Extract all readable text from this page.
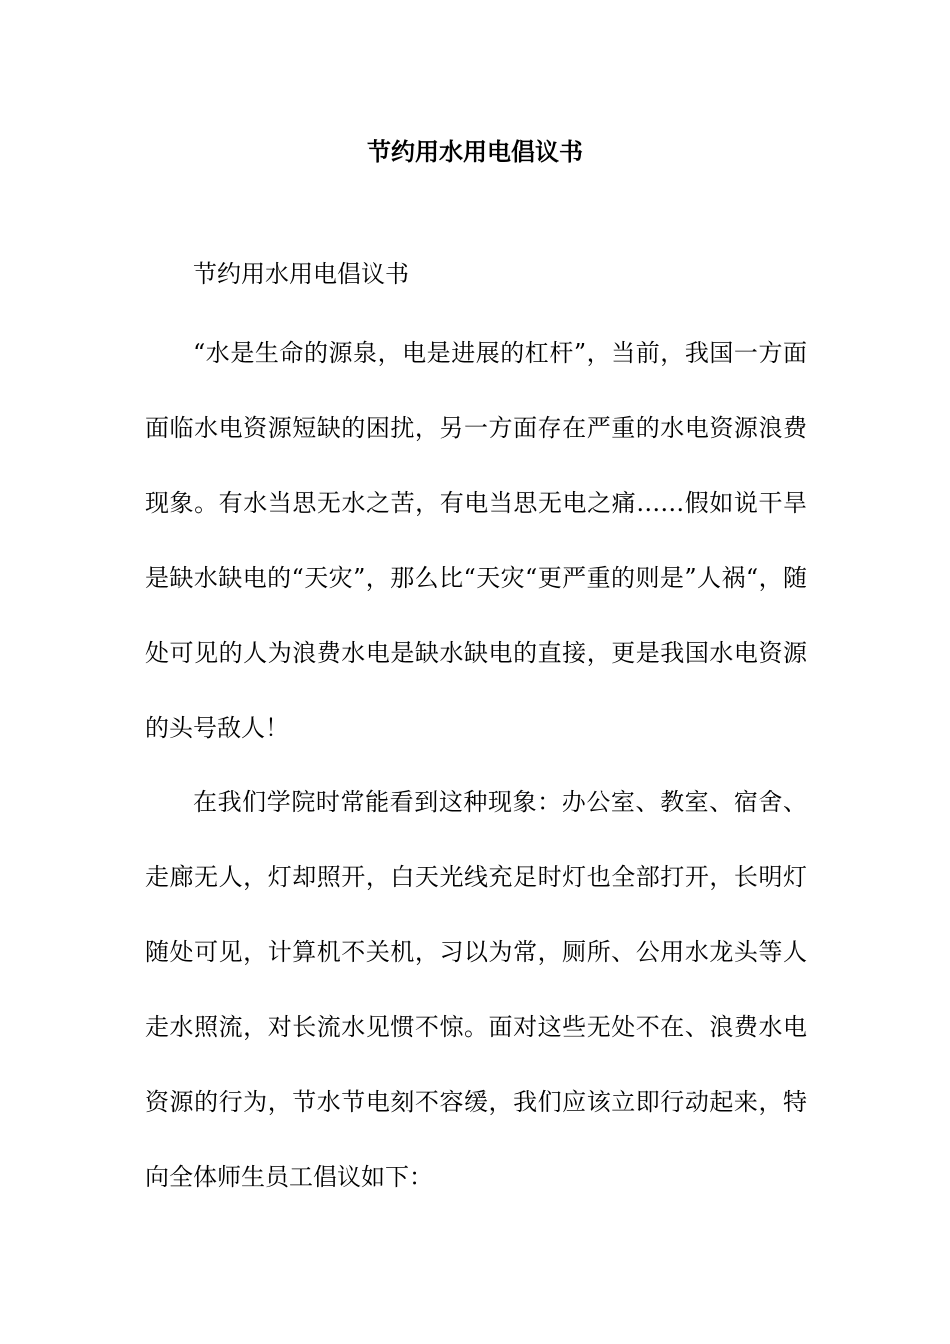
节约用水用电倡议书

节约用水用电倡议书

“水是生命的源泉，电是进展的杠杆”，当前，我国一方面面临水电资源短缺的困扰，另一方面存在严重的水电资源浪费现象。有水当思无水之苦，有电当思无电之痛……假如说干旱是缺水缺电的“天灾”，那么比“天灾“更严重的则是”人祸“，随处可见的人为浪费水电是缺水缺电的直接，更是我国水电资源的头号敌人！

在我们学院时常能看到这种现象：办公室、教室、宿舍、走廊无人，灯却照开，白天光线充足时灯也全部打开，长明灯随处可见，计算机不关机，习以为常，厕所、公用水龙头等人走水照流，对长流水见惯不惊。面对这些无处不在、浪费水电资源的行为，节水节电刻不容缓，我们应该立即行动起来，特向全体师生员工倡议如下：
